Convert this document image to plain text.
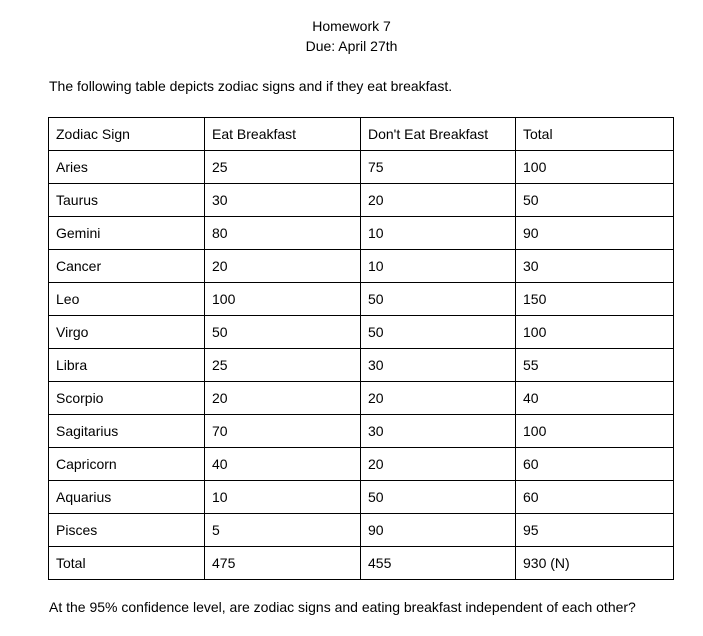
Homework 7
Due: April 27th
The following table depicts zodiac signs and if they eat breakfast.
Zodiac Sign	Eat Breakfast	Don't Eat Breakfast	Total
Aries	25	75	100
Taurus	30	20	50
Gemini	80	10	90
Cancer	20	10	30
Leo	100	50	150
Virgo	50	50	100
Libra	25	30	55
Scorpio	20	20	40
Sagitarius	70	30	100
Capricorn	40	20	60
Aquarius	10	50	60
Pisces	5	90	95
Total	475	455	930 (N)
At the 95% confidence level, are zodiac signs and eating breakfast independent of each other?
